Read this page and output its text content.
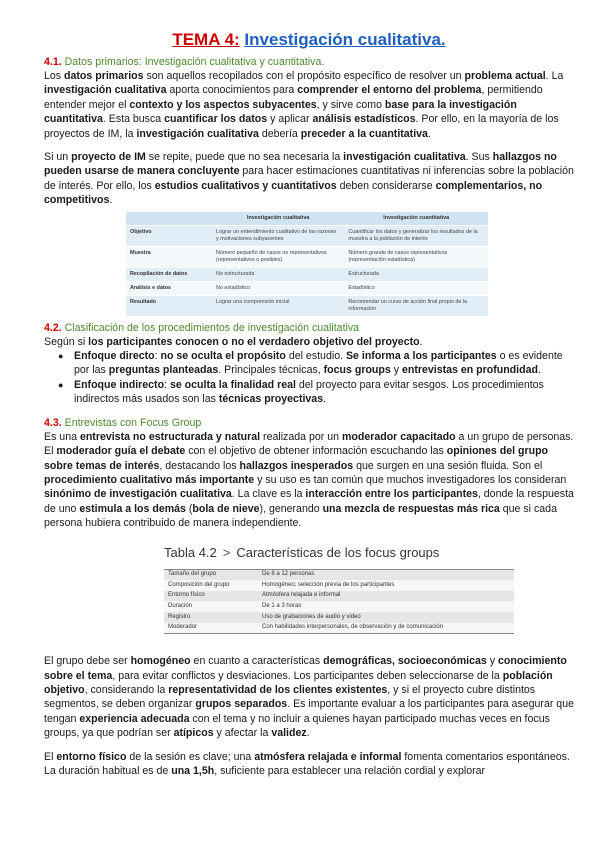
TEMA 4: Investigación cualitativa.
4.1. Datos primarios: Investigación cualitativa y cuantitativa.

Los datos primarios son aquellos recopilados con el propósito específico de resolver un problema actual. La investigación cualitativa aporta conocimientos para comprender el entorno del problema, permitiendo entender mejor el contexto y los aspectos subyacentes, y sirve como base para la investigación cuantitativa. Esta busca cuantificar los datos y aplicar análisis estadísticos. Por ello, en la mayoría de los proyectos de IM, la investigación cualitativa debería preceder a la cuantitativa.

Si un proyecto de IM se repite, puede que no sea necesaria la investigación cualitativa. Sus hallazgos no pueden usarse de manera concluyente para hacer estimaciones cuantitativas ni inferencias sobre la población de interés. Por ello, los estudios cualitativos y cuantitativos deben considerarse complementarios, no competitivos.

	Investigación cualitativa	Investigación cuantitativa
Objetivo	Lograr un entendimiento cualitativo de las razones y motivaciones subyacentes	Cuantificar los datos y generalizar los resultados de la muestra a la población de interés
Muestra	Número pequeño de casos no representativos (representativos o posibles)	Número grande de casos representativos (representación estadística)
Recopilación de datos	No estructurada	Estructurada
Análisis e datos	No estadístico	Estadístico
Resultado	Lograr una comprensión inicial	Recomendar un curso de acción final propio de la información
4.2. Clasificación de los procedimientos de investigación cualitativa

Según si los participantes conocen o no el verdadero objetivo del proyecto.

● Enfoque directo: no se oculta el propósito del estudio. Se informa a los participantes o es evidente por las preguntas planteadas. Principales técnicas, focus groups y entrevistas en profundidad.
● Enfoque indirecto: se oculta la finalidad real del proyecto para evitar sesgos. Los procedimientos indirectos más usados son las técnicas proyectivas.
4.3. Entrevistas con Focus Group

Es una entrevista no estructurada y natural realizada por un moderador capacitado a un grupo de personas. El moderador guía el debate con el objetivo de obtener información escuchando las opiniones del grupo sobre temas de interés, destacando los hallazgos inesperados que surgen en una sesión fluida. Son el procedimiento cualitativo más importante y su uso es tan común que muchos investigadores los consideran sinónimo de investigación cualitativa. La clave es la interacción entre los participantes, donde la respuesta de uno estimula a los demás (bola de nieve), generando una mezcla de respuestas más rica que si cada persona hubiera contribuido de manera independiente.

Tabla 4.2 > Características de los focus groups
Tamaño del grupo	De 8 a 12 personas
Composición del grupo	Homogéneo; selección previa de los participantes
Entorno físico	Atmósfera relajada e informal
Duración	De 1 a 3 horas
Registro	Uso de grabaciones de audio y video
Moderador	Con habilidades interpersonales, de observación y de comunicación

El grupo debe ser homogéneo en cuanto a características demográficas, socioeconómicas y conocimiento sobre el tema, para evitar conflictos y desviaciones. Los participantes deben seleccionarse de la población objetivo, considerando la representatividad de los clientes existentes, y si el proyecto cubre distintos segmentos, se deben organizar grupos separados. Es importante evaluar a los participantes para asegurar que tengan experiencia adecuada con el tema y no incluir a quienes hayan participado muchas veces en focus groups, ya que podrían ser atípicos y afectar la validez.

El entorno físico de la sesión es clave; una atmósfera relajada e informal fomenta comentarios espontáneos. La duración habitual es de una 1,5h, suficiente para establecer una relación cordial y explorar
